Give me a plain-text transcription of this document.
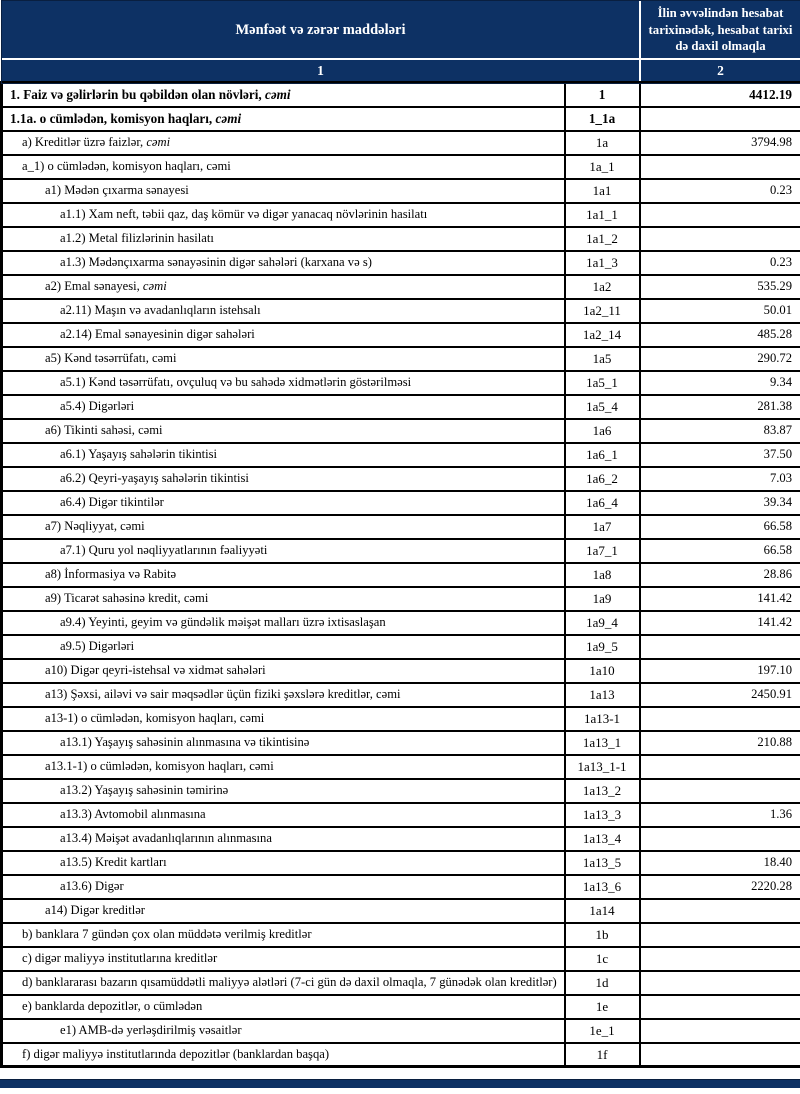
Mənfəət və zərər maddələri		İlin əvvəlindən hesabat tarixinədək, hesabat tarixi də daxil olmaqla
1		2
1. Faiz və gəlirlərin bu qəbildən olan növləri, cəmi	1	4412.19
1.1a. o cümlədən, komisyon haqları, cəmi	1_1a	
a) Kreditlər üzrə faizlər, cəmi	1a	3794.98
a_1) o cümlədən, komisyon haqları, cəmi	1a_1	
a1) Mədən çıxarma sənayesi	1a1	0.23
a1.1) Xam neft, təbii qaz, daş kömür və digər yanacaq növlərinin hasilatı	1a1_1	
a1.2) Metal filizlərinin hasilatı	1a1_2	
a1.3) Mədənçıxarma sənayəsinin digər sahələri (karxana və s)	1a1_3	0.23
a2) Emal sənayesi, cəmi	1a2	535.29
a2.11) Maşın və avadanlıqların istehsalı	1a2_11	50.01
a2.14) Emal sənayesinin digər sahələri	1a2_14	485.28
a5) Kənd təsərrüfatı, cəmi	1a5	290.72
a5.1) Kənd təsərrüfatı, ovçuluq və bu sahədə xidmətlərin göstərilməsi	1a5_1	9.34
a5.4) Digərləri	1a5_4	281.38
a6) Tikinti sahəsi, cəmi	1a6	83.87
a6.1) Yaşayış sahələrin tikintisi	1a6_1	37.50
a6.2) Qeyri-yaşayış sahələrin tikintisi	1a6_2	7.03
a6.4) Digər tikintilər	1a6_4	39.34
a7) Nəqliyyat, cəmi	1a7	66.58
a7.1) Quru yol nəqliyyatlarının fəaliyyəti	1a7_1	66.58
a8) İnformasiya və Rabitə	1a8	28.86
a9) Ticarət sahəsinə kredit, cəmi	1a9	141.42
a9.4) Yeyinti, geyim və gündəlik məişət malları üzrə ixtisaslaşan	1a9_4	141.42
a9.5) Digərləri	1a9_5	
a10) Digər qeyri-istehsal və xidmət sahələri	1a10	197.10
a13) Şəxsi, ailəvi və sair məqsədlər üçün fiziki şəxslərə kreditlər, cəmi	1a13	2450.91
a13-1) o cümlədən, komisyon haqları, cəmi	1a13-1	
a13.1) Yaşayış sahəsinin alınmasına və tikintisinə	1a13_1	210.88
a13.1-1) o cümlədən, komisyon haqları, cəmi	1a13_1-1	
a13.2) Yaşayış sahəsinin təmirinə	1a13_2	
a13.3) Avtomobil alınmasına	1a13_3	1.36
a13.4) Məişət avadanlıqlarının alınmasına	1a13_4	
a13.5) Kredit kartları	1a13_5	18.40
a13.6) Digər	1a13_6	2220.28
a14) Digər kreditlər	1a14	
b) banklara 7 gündən çox olan müddətə verilmiş kreditlər	1b	
c) digər maliyyə institutlarına kreditlər	1c	
d) banklararası bazarın qısamüddətli maliyyə alətləri (7-ci gün də daxil olmaqla, 7 günədək olan kreditlər)	1d	
e) banklarda depozitlər, o cümlədən	1e	
e1) AMB-də yerləşdirilmiş vəsaitlər	1e_1	
f) digər maliyyə institutlarında depozitlər (banklardan başqa)	1f	
